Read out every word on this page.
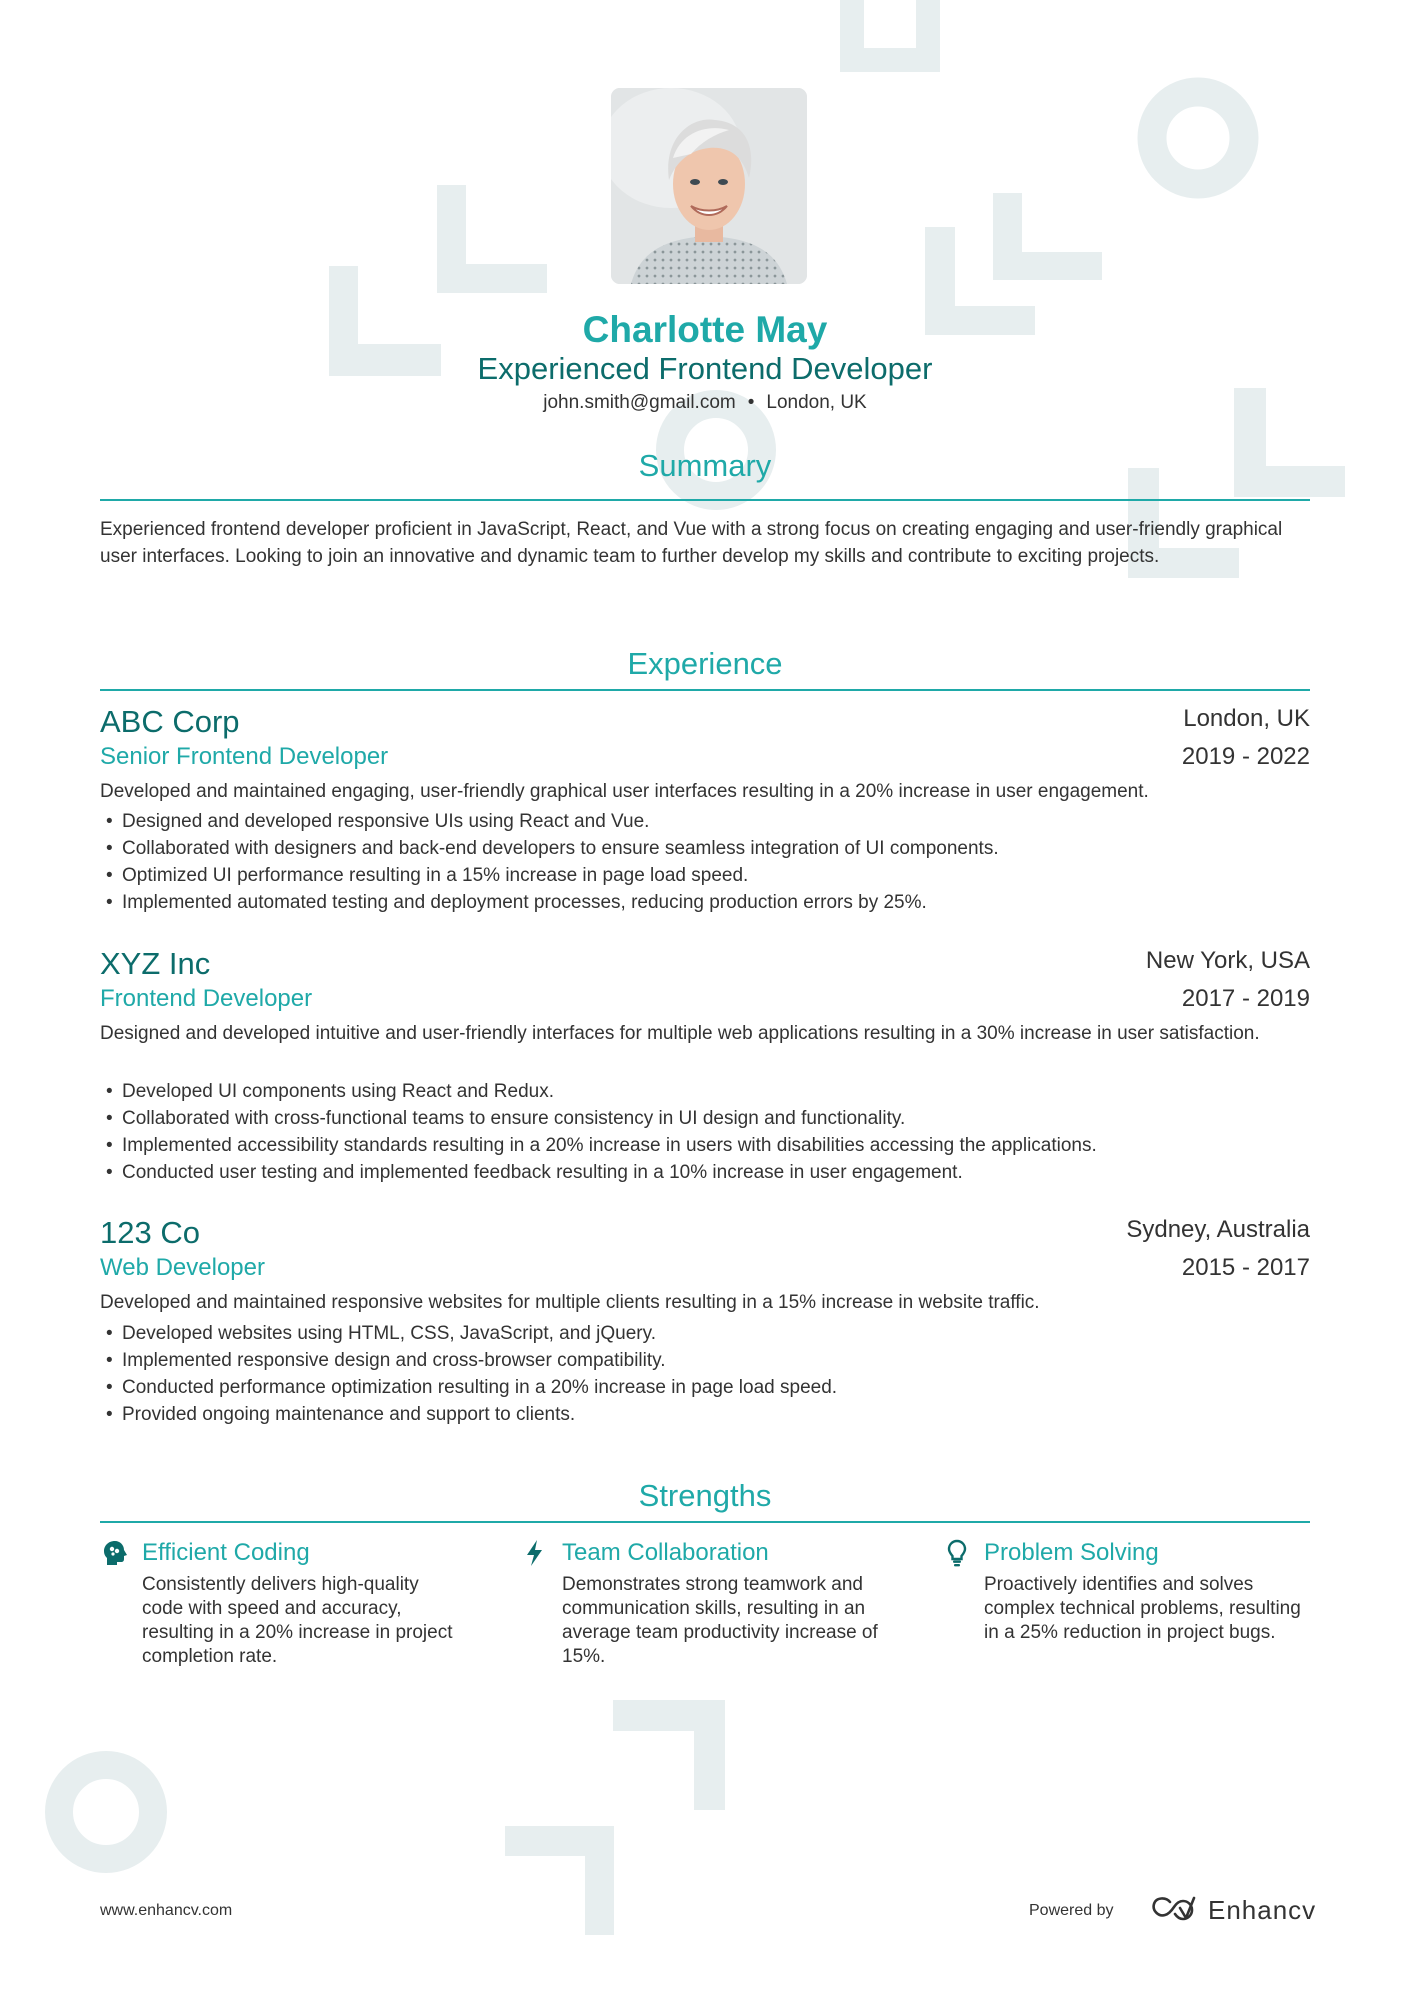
Charlotte May
Experienced Frontend Developer
john.smith@gmail.com • London, UK
Summary
Experienced frontend developer proficient in JavaScript, React, and Vue with a strong focus on creating engaging and user-friendly graphical user interfaces. Looking to join an innovative and dynamic team to further develop my skills and contribute to exciting projects.
Experience
ABC Corp	London, UK
Senior Frontend Developer	2019 - 2022
Developed and maintained engaging, user-friendly graphical user interfaces resulting in a 20% increase in user engagement.
• Designed and developed responsive UIs using React and Vue.
• Collaborated with designers and back-end developers to ensure seamless integration of UI components.
• Optimized UI performance resulting in a 15% increase in page load speed.
• Implemented automated testing and deployment processes, reducing production errors by 25%.
XYZ Inc	New York, USA
Frontend Developer	2017 - 2019
Designed and developed intuitive and user-friendly interfaces for multiple web applications resulting in a 30% increase in user satisfaction.
• Developed UI components using React and Redux.
• Collaborated with cross-functional teams to ensure consistency in UI design and functionality.
• Implemented accessibility standards resulting in a 20% increase in users with disabilities accessing the applications.
• Conducted user testing and implemented feedback resulting in a 10% increase in user engagement.
123 Co	Sydney, Australia
Web Developer	2015 - 2017
Developed and maintained responsive websites for multiple clients resulting in a 15% increase in website traffic.
• Developed websites using HTML, CSS, JavaScript, and jQuery.
• Implemented responsive design and cross-browser compatibility.
• Conducted performance optimization resulting in a 20% increase in page load speed.
• Provided ongoing maintenance and support to clients.
Strengths
Efficient Coding
Consistently delivers high-quality code with speed and accuracy, resulting in a 20% increase in project completion rate.
Team Collaboration
Demonstrates strong teamwork and communication skills, resulting in an average team productivity increase of 15%.
Problem Solving
Proactively identifies and solves complex technical problems, resulting in a 25% reduction in project bugs.
www.enhancv.com	Powered by	Enhancv
